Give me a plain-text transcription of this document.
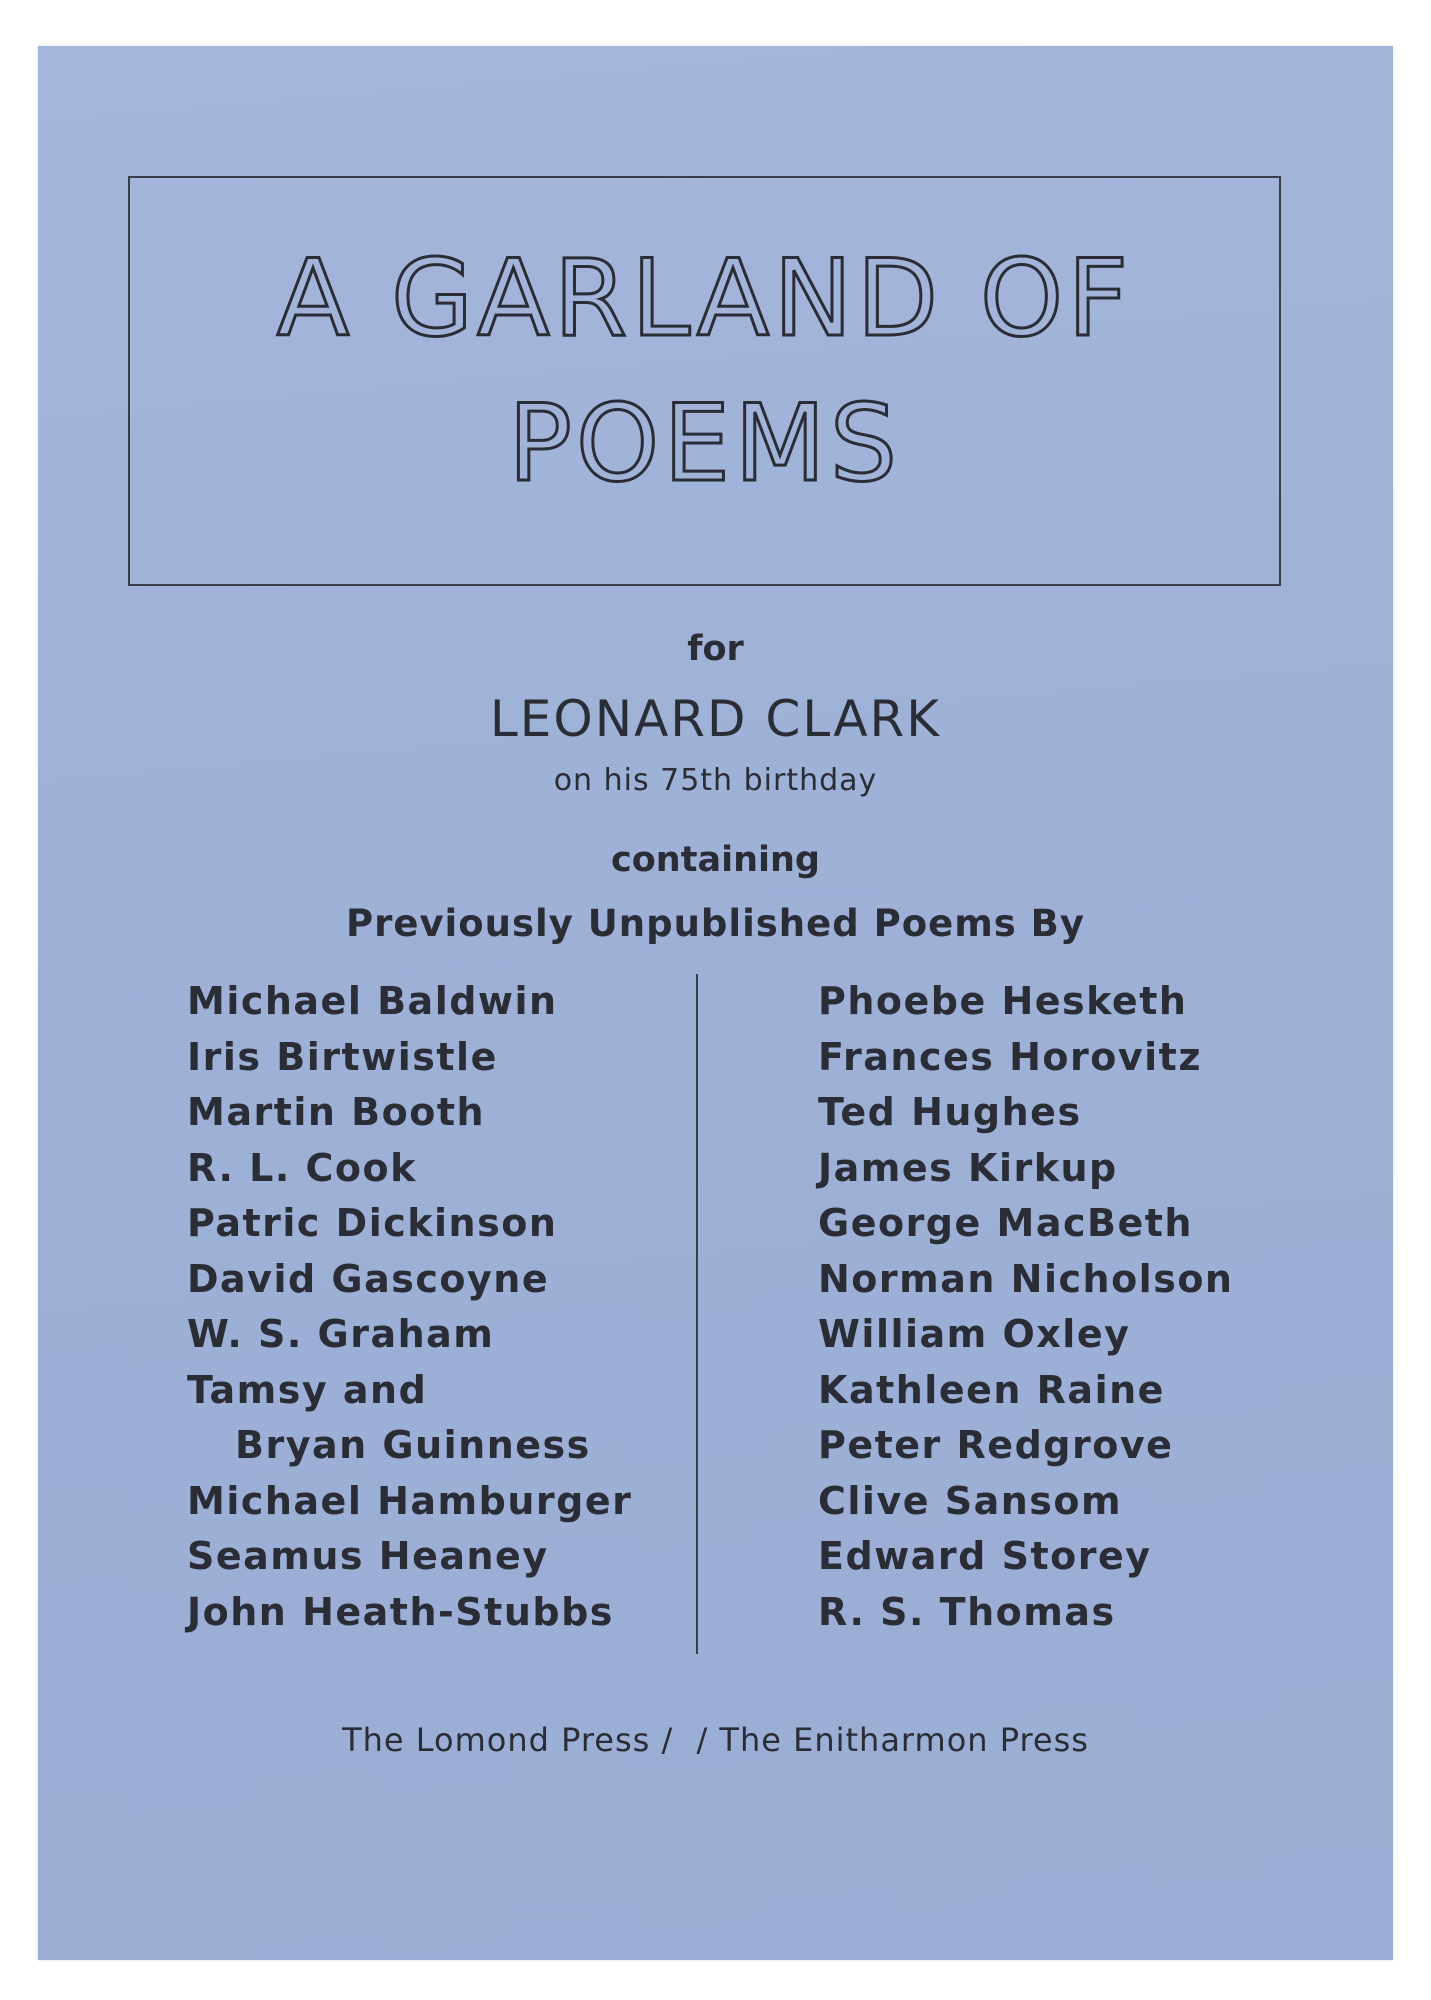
A GARLAND OF
POEMS
for
LEONARD CLARK
on his 75th birthday
containing
Previously Unpublished Poems By
Michael Baldwin
Iris Birtwistle
Martin Booth
R. L. Cook
Patric Dickinson
David Gascoyne
W. S. Graham
Tamsy and
Bryan Guinness
Michael Hamburger
Seamus Heaney
John Heath-Stubbs
Phoebe Hesketh
Frances Horovitz
Ted Hughes
James Kirkup
George MacBeth
Norman Nicholson
William Oxley
Kathleen Raine
Peter Redgrove
Clive Sansom
Edward Storey
R. S. Thomas
The Lomond Press / / The Enitharmon Press
